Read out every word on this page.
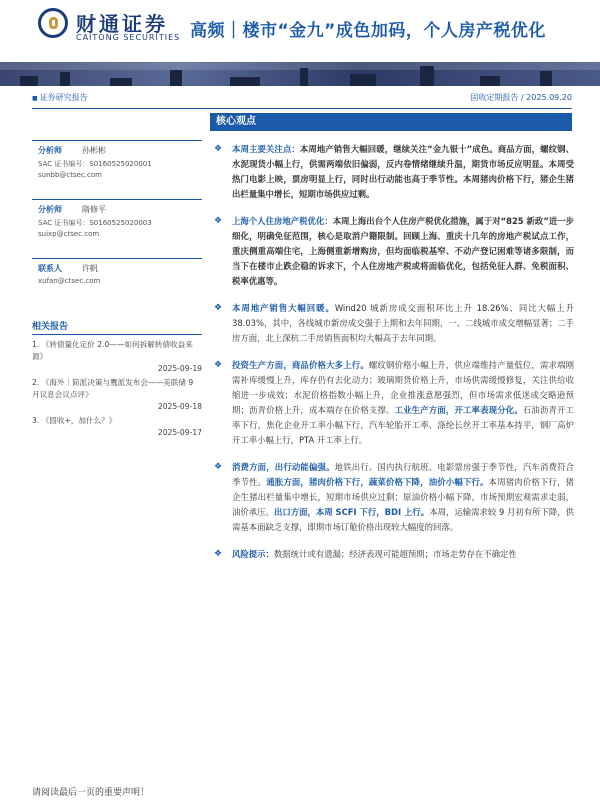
财通证券
CAITONG SECURITIES 高频｜楼市“金九”成色加码，个人房产税优化
■ 证券研究报告	固收定期报告 / 2025.09.20
分析师	孙彬彬
SAC 证书编号：S0160525020001
sunbb@ctsec.com
分析师	隋修平
SAC 证书编号：S0160525020003
suixp@ctsec.com
联系人	许帆
xufan@ctsec.com
相关报告
1. 《转债量化定价 2.0——如何拆解转债收益来源》
2025-09-19
2. 《海外｜简派决策与鹰派发布会——美联储 9 月议息会议点评》
2025-09-18
3. 《固收+，加什么？》
2025-09-17
核心观点
❖ 本周主要关注点：本周地产销售大幅回暖，继续关注“金九银十”成色。商品方面，螺纹钢、水泥现货小幅上行，供需两端依旧偏弱，反内卷情绪继续升温，期货市场反应明显。本周受热门电影上映，票房明显上行，同时出行动能也高于季节性。本周猪肉价格下行，猪企生猪出栏量集中增长，短期市场供应过剩。
❖ 上海个人住房地产税优化：本周上海出台个人住房产税优化措施，属于对“825 新政”进一步细化，明确免征范围，核心是取消户籍限制。回顾上海、重庆十几年的房地产税试点工作，重庆侧重高端住宅，上海侧重新增购房，但均面临税基窄、不动产登记困难等诸多限制，而当下在楼市止跌企稳的诉求下，个人住房地产税或将面临优化，包括免征人群、免税面积、税率优惠等。
❖ 本周地产销售大幅回暖。Wind20 城新房成交面积环比上升 18.26%、同比大幅上升 38.03%，其中，各线城市新房成交强于上期和去年同期，一、二线城市成交增幅显著；二手房方面，北上深杭二手房销售面积均大幅高于去年同期。
❖ 投资生产方面，商品价格大多上行。螺纹钢价格小幅上升，供应端维持产量低位，需求端刚需补库缓慢上升，库存仍有去化动力；玻璃期货价格上升，市场供需缓慢修复，关注供给收缩进一步成效；水泥价格指数小幅上升，企业推涨意愿强烈，但市场需求低迷成交略逊预期；沥青价格上升，成本端存在价格支撑。工业生产方面，开工率表现分化。石油沥青开工率下行，焦化企业开工率小幅下行，汽车轮胎开工率、涤纶长丝开工率基本持平，钢厂高炉开工率小幅上行，PTA 开工率上行。
❖ 消费方面，出行动能偏强。地铁出行、国内执行航班、电影票房强于季节性，汽车消费符合季节性。通胀方面，猪肉价格下行，蔬菜价格下降，油价小幅下行。本周猪肉价格下行，猪企生猪出栏量集中增长，短期市场供应过剩；原油价格小幅下降，市场预期宏观需求走弱，油价承压。出口方面，本周 SCFI 下行，BDI 上行。本周，运输需求较 9 月初有所下降，供需基本面缺乏支撑，即期市场订舱价格出现较大幅度的回落。
❖ 风险提示：数据统计或有遗漏；经济表现可能超预期；市场走势存在不确定性
请阅读最后一页的重要声明！
